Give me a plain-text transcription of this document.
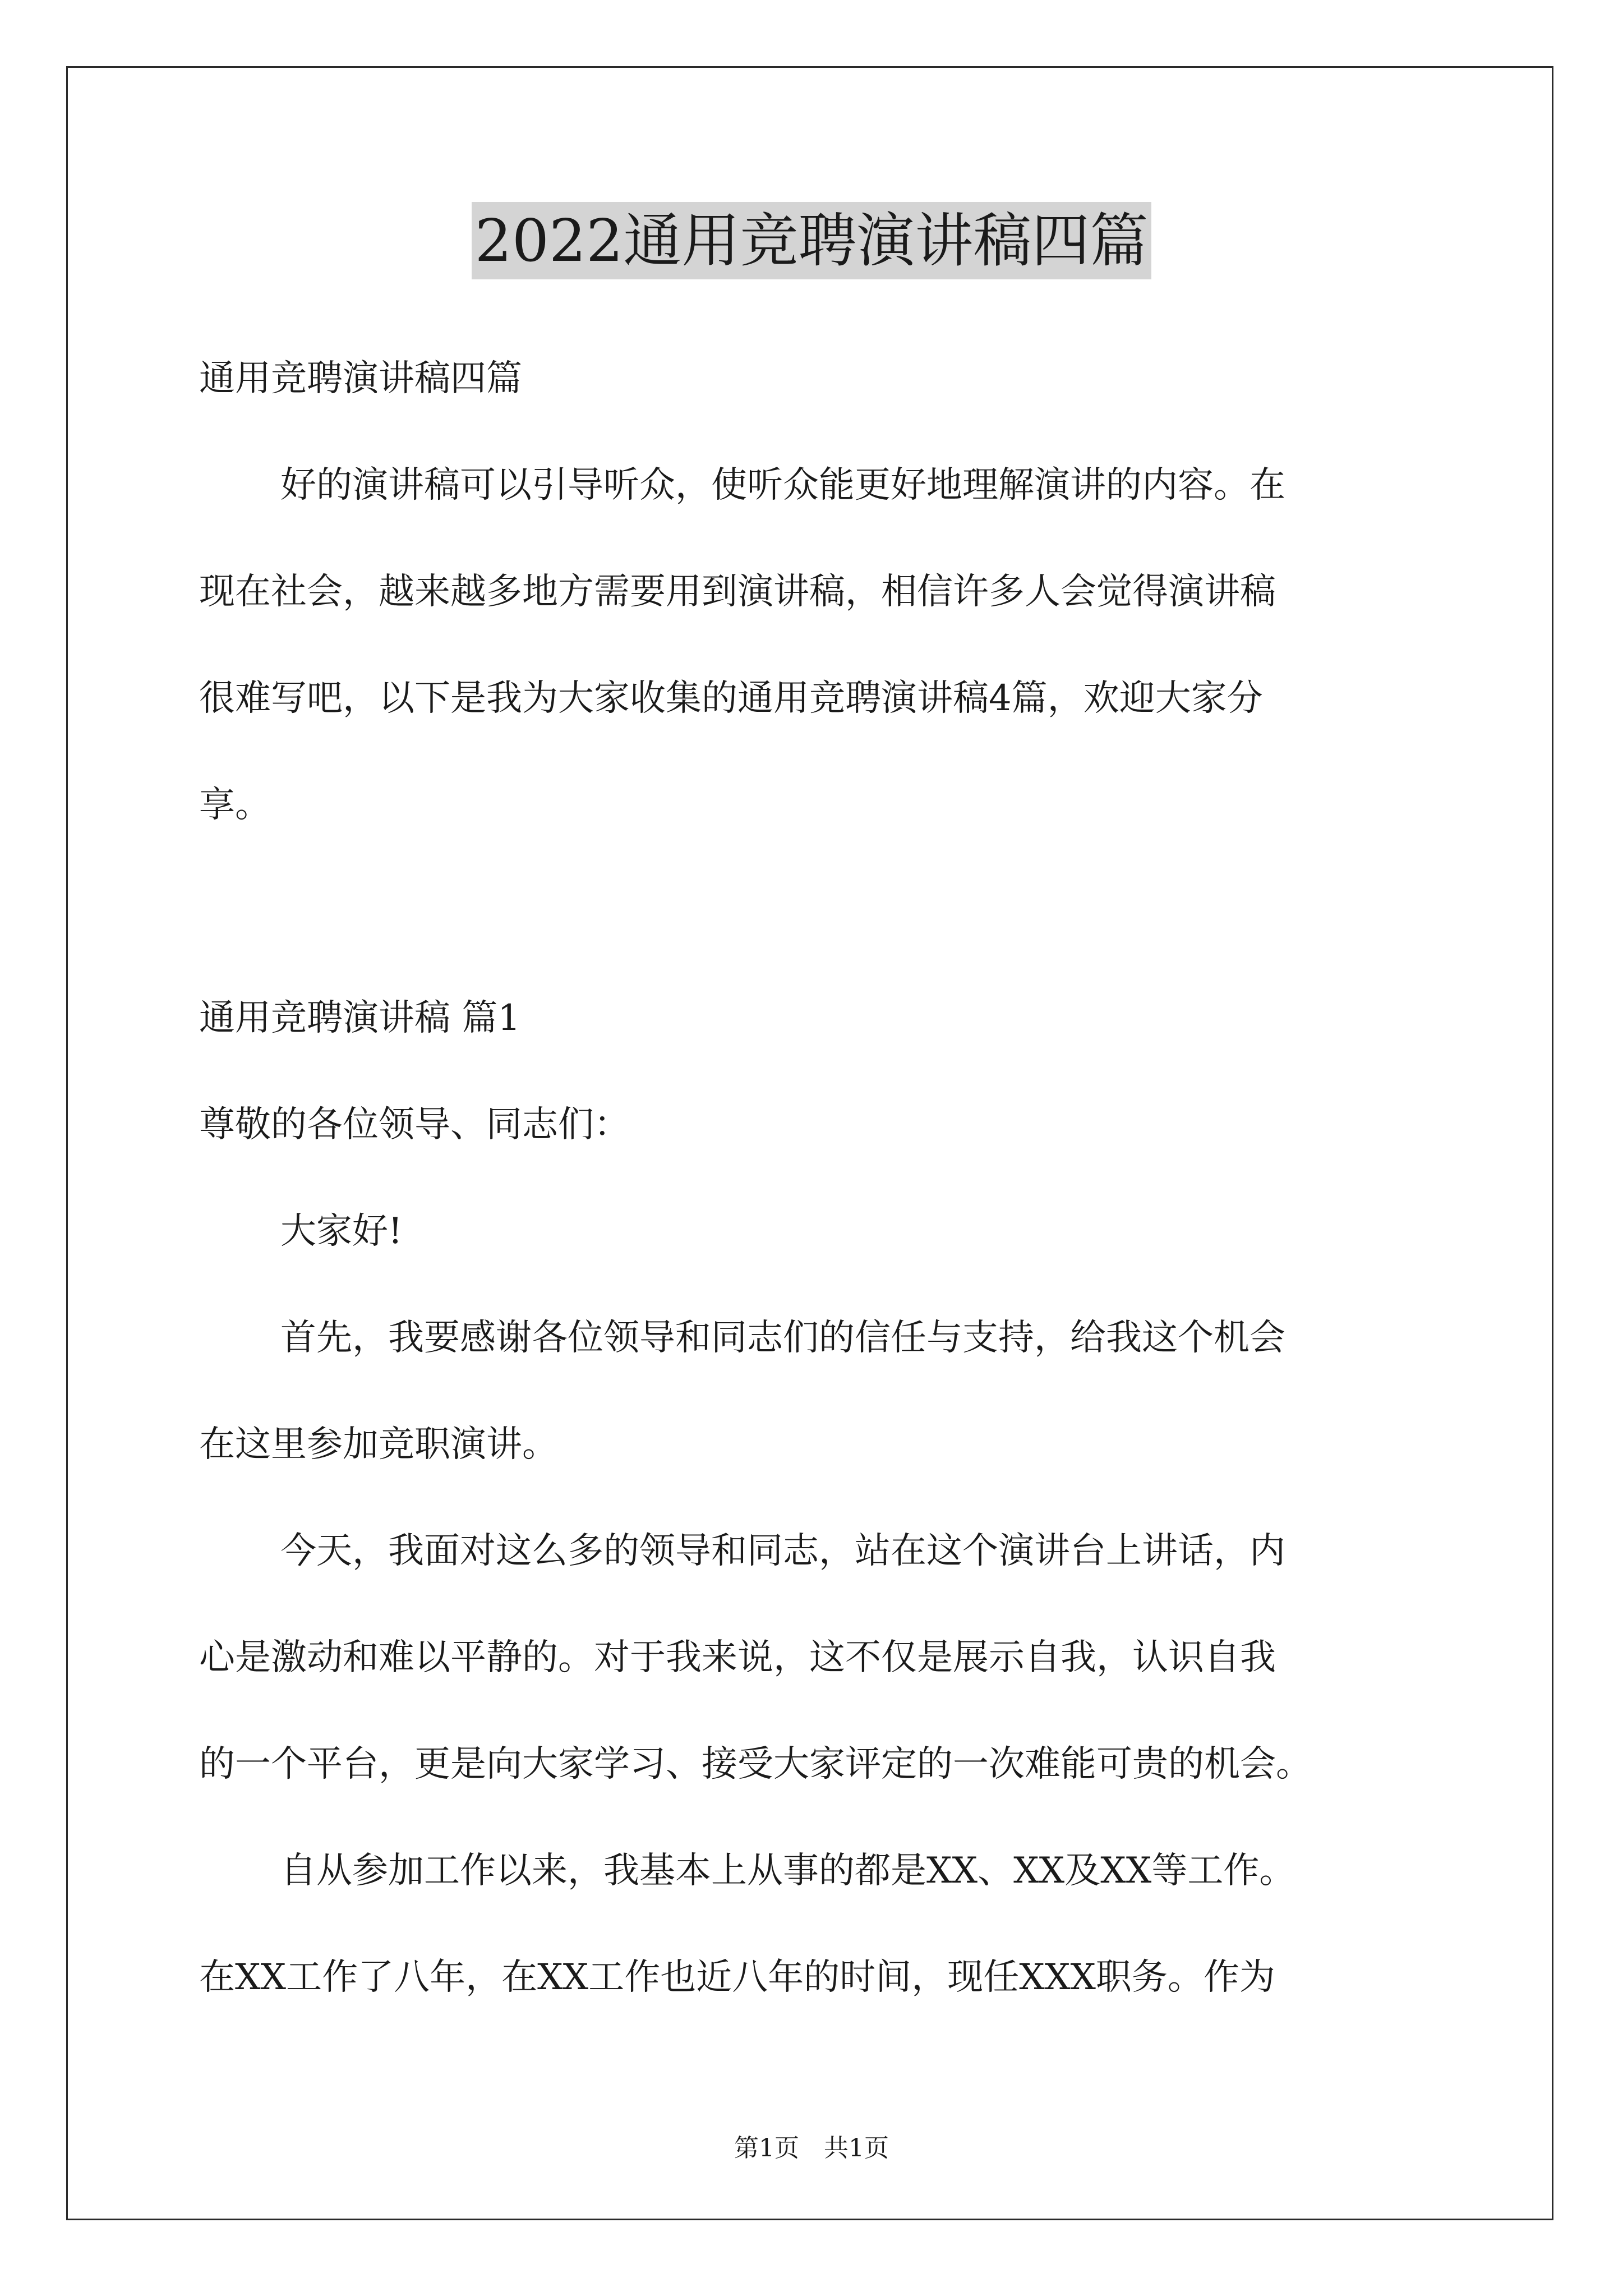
2022通用竞聘演讲稿四篇
通用竞聘演讲稿四篇
好的演讲稿可以引导听众，使听众能更好地理解演讲的内容。在
现在社会，越来越多地方需要用到演讲稿，相信许多人会觉得演讲稿
很难写吧，以下是我为大家收集的通用竞聘演讲稿4篇，欢迎大家分
享。
通用竞聘演讲稿 篇1
尊敬的各位领导、同志们：
大家好!
首先，我要感谢各位领导和同志们的信任与支持，给我这个机会
在这里参加竞职演讲。
今天，我面对这么多的领导和同志，站在这个演讲台上讲话，内
心是激动和难以平静的。对于我来说，这不仅是展示自我，认识自我
的一个平台，更是向大家学习、接受大家评定的一次难能可贵的机会。
自从参加工作以来，我基本上从事的都是XX、XX及XX等工作。
在XX工作了八年，在XX工作也近八年的时间，现任XXX职务。作为
第1页　共1页
